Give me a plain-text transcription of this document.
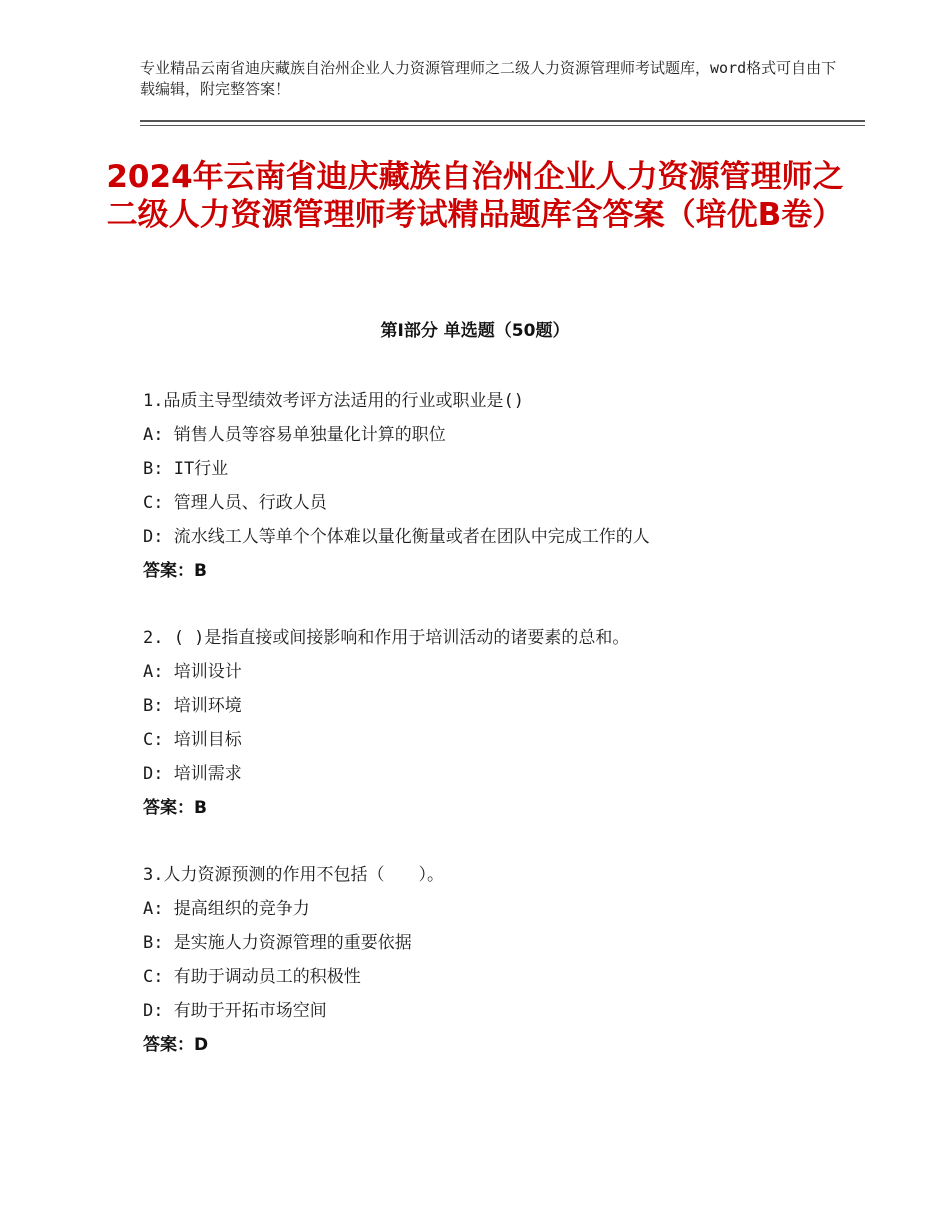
专业精品云南省迪庆藏族自治州企业人力资源管理师之二级人力资源管理师考试题库，word格式可自由下载编辑，附完整答案！
2024年云南省迪庆藏族自治州企业人力资源管理师之二级人力资源管理师考试精品题库含答案（培优B卷）
第Ⅰ部分 单选题（50题）
1.品质主导型绩效考评方法适用的行业或职业是()
A: 销售人员等容易单独量化计算的职位
B: IT行业
C: 管理人员、行政人员
D: 流水线工人等单个个体难以量化衡量或者在团队中完成工作的人
答案：B
2. ( )是指直接或间接影响和作用于培训活动的诸要素的总和。
A: 培训设计
B: 培训环境
C: 培训目标
D: 培训需求
答案：B
3.人力资源预测的作用不包括（　　）。
A: 提高组织的竞争力
B: 是实施人力资源管理的重要依据
C: 有助于调动员工的积极性
D: 有助于开拓市场空间
答案：D
